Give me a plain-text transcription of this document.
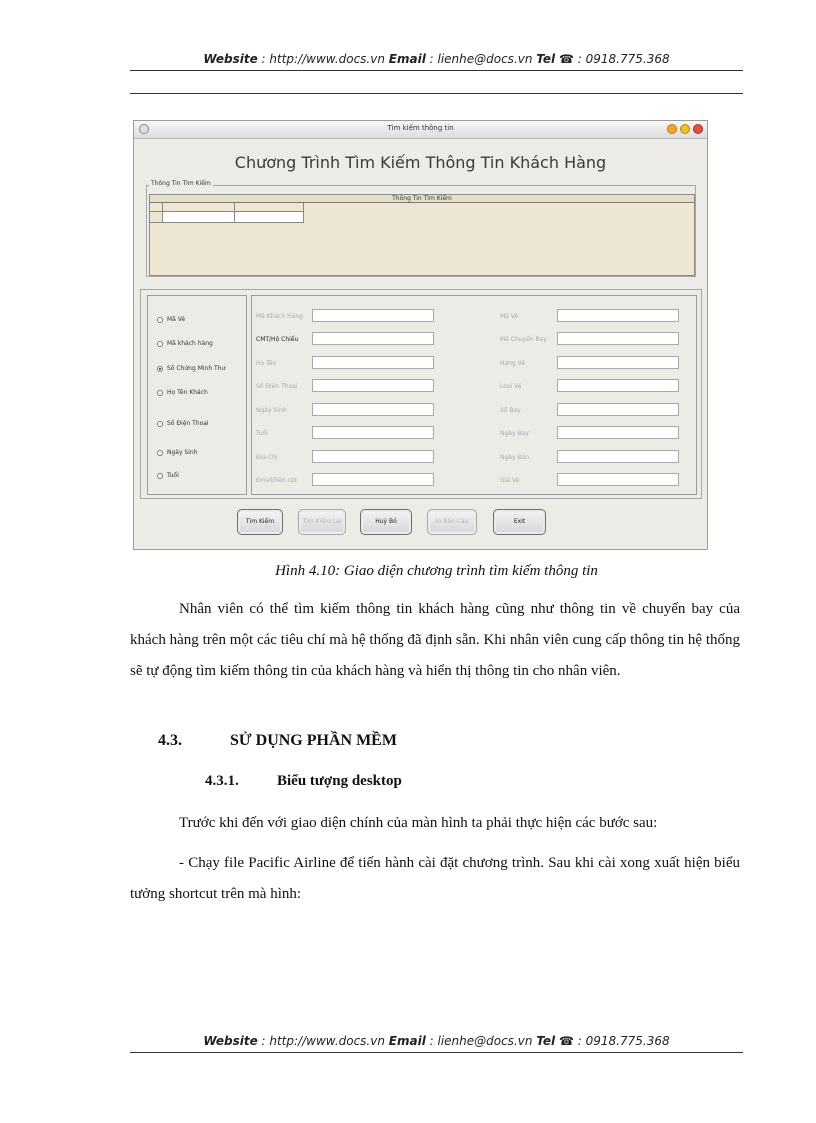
Website : http://www.docs.vn Email : lienhe@docs.vn Tel ☎ : 0918.775.368
Tìm kiếm thông tin
Chương Trình Tìm Kiếm Thông Tin Khách Hàng
Thông Tin Tìm Kiếm
Thông Tin Tìm Kiếm
Mã Vé
Mã khách hàng
Số Chứng Minh Thư
Họ Tên Khách
Số Điện Thoại
Ngày Sinh
Tuổi
Mã Khách Hàng
CMT/Hộ Chiếu
Họ Tên
Số Điện Thoại
Ngày Sinh
Tuổi
Địa Chỉ
Email/liên cột
Mã Vé
Mã Chuyến Bay
Hạng Vé
Loại Vé
Số Bay
Ngày Bay
Ngày Bán
Giá Vé
Tìm Kiếm	Tìm Kiếm Lại	Huỷ Bỏ	In Báo Cáo	Exit
Hình 4.10: Giao diện chương trình tìm kiếm thông tin
Nhân viên có thể tìm kiếm thông tin khách hàng cũng như thông tin về chuyến bay của khách hàng trên một các tiêu chí mà hệ thống đã định sẵn. Khi nhân viên cung cấp thông tin hệ thống sẽ tự động tìm kiếm thông tin của khách hàng và hiển thị thông tin cho nhân viên.
4.3.	SỬ DỤNG PHẦN MỀM
4.3.1.	Biểu tượng desktop
Trước khi đến với giao diện chính của màn hình ta phải thực hiện các bước sau:
- Chạy file Pacific Airline để tiến hành cài đặt chương trình. Sau khi cài xong xuất hiện biểu tưởng shortcut trên mà hình:
Website : http://www.docs.vn Email : lienhe@docs.vn Tel ☎ : 0918.775.368
